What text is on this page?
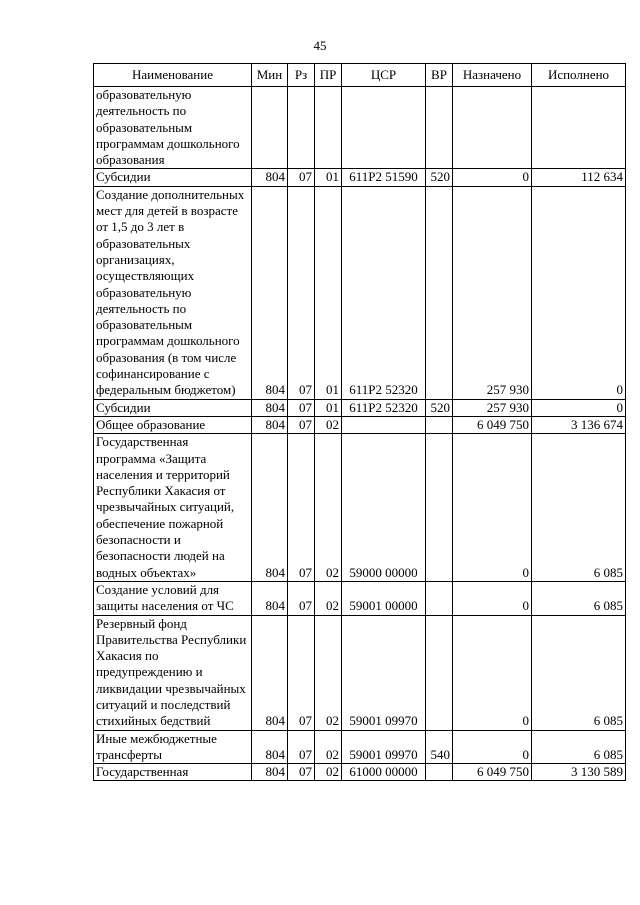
45
Наименование	Мин	Рз	ПР	ЦСР	ВР	Назначено	Исполнено
образовательную деятельность по образовательным программам дошкольного образования							
Субсидии	804	07	01	611P2 51590	520	0	112 634
Создание дополнительных мест для детей в возрасте от 1,5 до 3 лет в образовательных организациях, осуществляющих образовательную деятельность по образовательным программам дошкольного образования (в том числе софинансирование с федеральным бюджетом)	804	07	01	611P2 52320		257 930	0
Субсидии	804	07	01	611P2 52320	520	257 930	0
Общее образование	804	07	02			6 049 750	3 136 674
Государственная программа «Защита населения и территорий Республики Хакасия от чрезвычайных ситуаций, обеспечение пожарной безопасности и безопасности людей на водных объектах»	804	07	02	59000 00000		0	6 085
Создание условий для защиты населения от ЧС	804	07	02	59001 00000		0	6 085
Резервный фонд Правительства Республики Хакасия по предупреждению и ликвидации чрезвычайных ситуаций и последствий стихийных бедствий	804	07	02	59001 09970		0	6 085
Иные межбюджетные трансферты	804	07	02	59001 09970	540	0	6 085
Государственная	804	07	02	61000 00000		6 049 750	3 130 589
